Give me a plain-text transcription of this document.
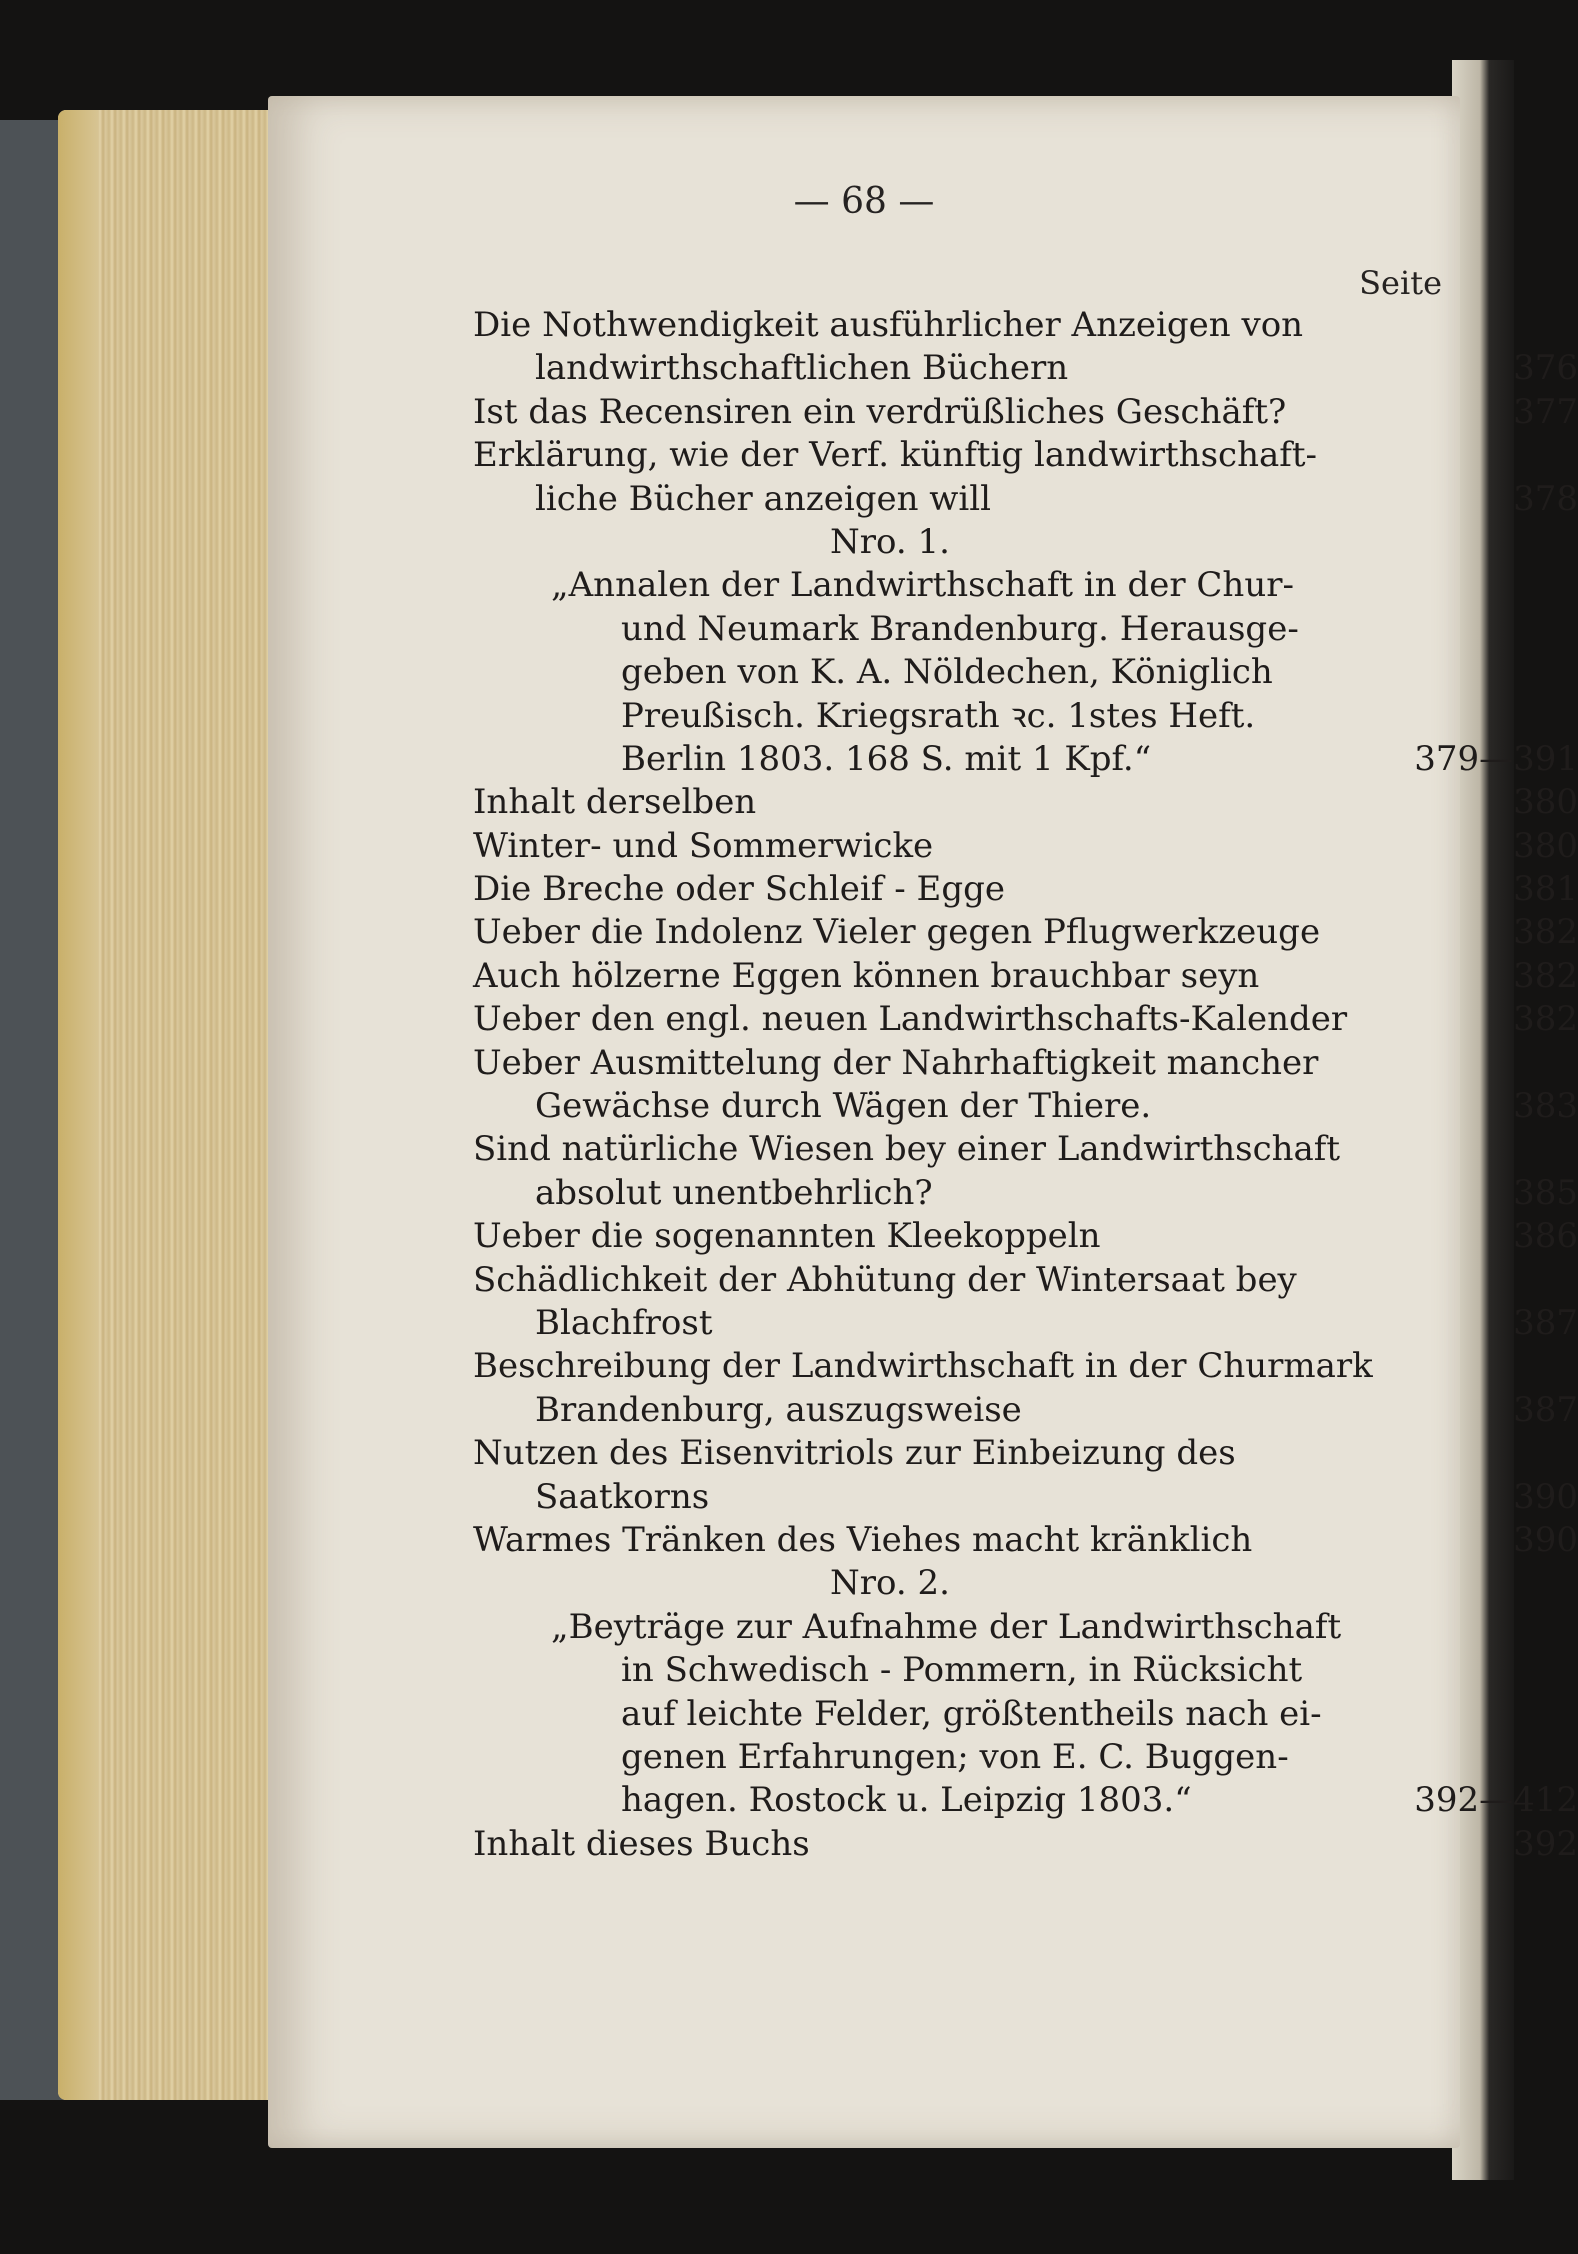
— 68 —
Seite
Die Nothwendigkeit ausführlicher Anzeigen von
landwirthschaftlichen Büchern	376
Ist das Recensiren ein verdrüßliches Geschäft?	377
Erklärung, wie der Verf. künftig landwirthschaft-
liche Bücher anzeigen will	378
Nro. 1.
„Annalen der Landwirthschaft in der Chur-
und Neumark Brandenburg. Herausge-
geben von K. A. Nöldechen, Königlich
Preußisch. Kriegsrath ꝛc. 1stes Heft.
Berlin 1803. 168 S. mit 1 Kpf.“	379—391
Inhalt derselben	380
Winter- und Sommerwicke	380
Die Breche oder Schleif - Egge	381
Ueber die Indolenz Vieler gegen Pflugwerkzeuge	382
Auch hölzerne Eggen können brauchbar seyn	382
Ueber den engl. neuen Landwirthschafts-Kalender	382
Ueber Ausmittelung der Nahrhaftigkeit mancher
Gewächse durch Wägen der Thiere.	383
Sind natürliche Wiesen bey einer Landwirthschaft
absolut unentbehrlich?	385
Ueber die sogenannten Kleekoppeln	386
Schädlichkeit der Abhütung der Wintersaat bey
Blachfrost	387
Beschreibung der Landwirthschaft in der Churmark
Brandenburg, auszugsweise	387
Nutzen des Eisenvitriols zur Einbeizung des
Saatkorns	390
Warmes Tränken des Viehes macht kränklich	390
Nro. 2.
„Beyträge zur Aufnahme der Landwirthschaft
in Schwedisch - Pommern, in Rücksicht
auf leichte Felder, größtentheils nach ei-
genen Erfahrungen; von E. C. Buggen-
hagen. Rostock u. Leipzig 1803.“	392—412
Inhalt dieses Buchs	392
